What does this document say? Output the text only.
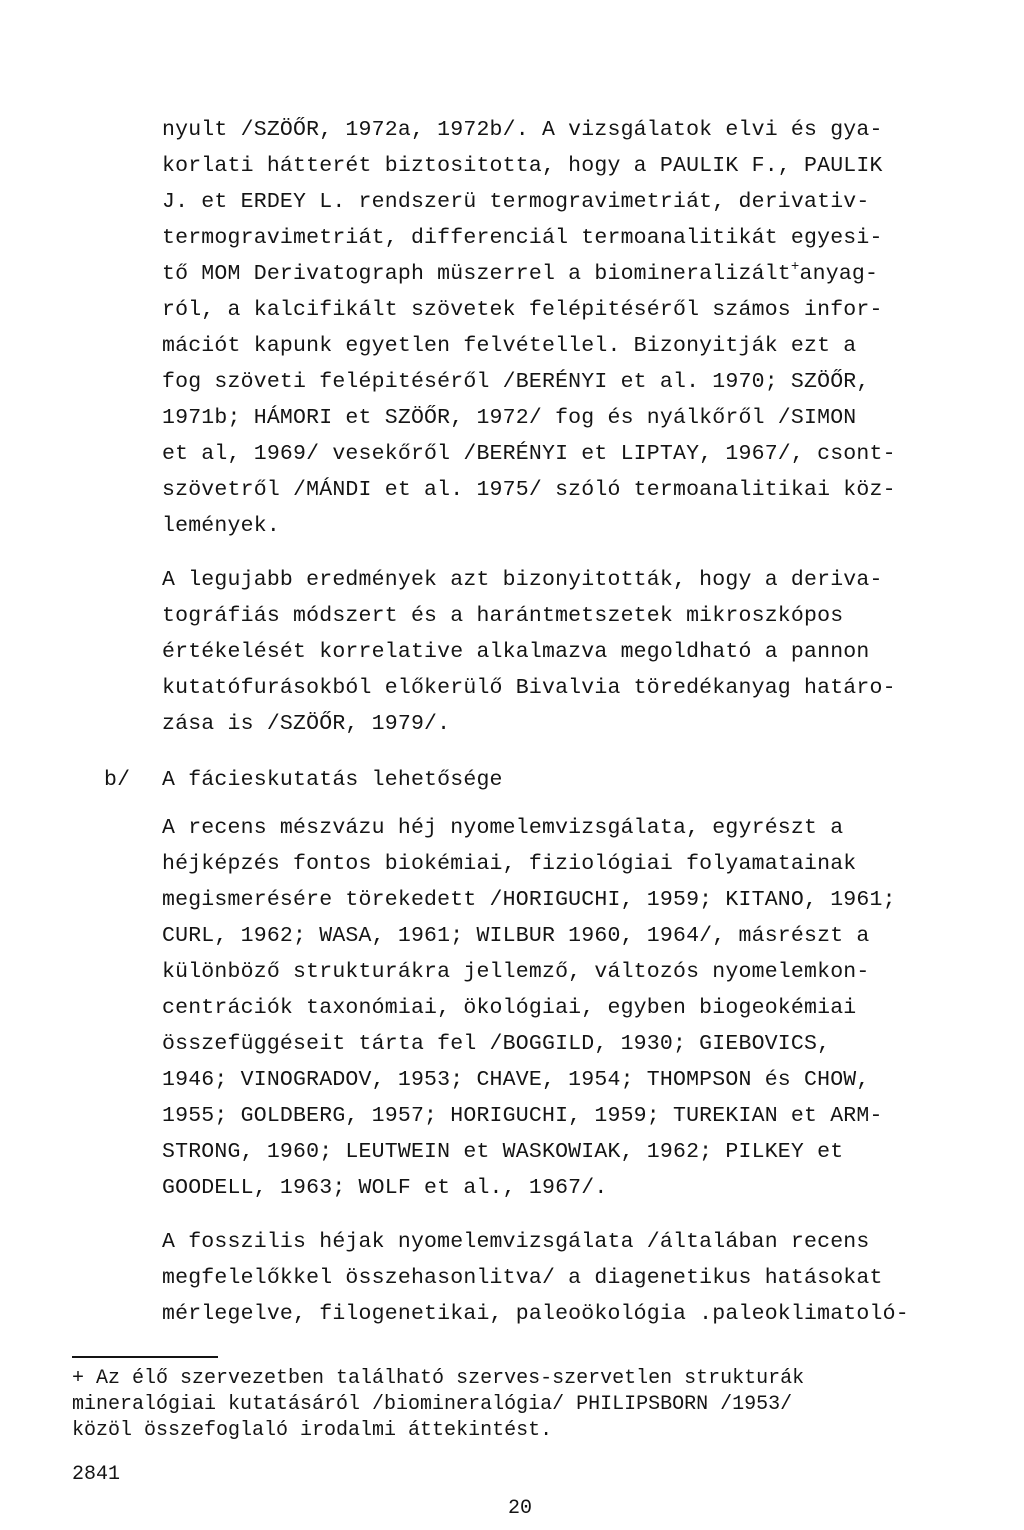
nyult /SZÖŐR, 1972a, 1972b/. A vizsgálatok elvi és gya-
korlati hátterét biztositotta, hogy a PAULIK F., PAULIK
J. et ERDEY L. rendszerü termogravimetriát, derivativ-
termogravimetriát, differenciál termoanalitikát egyesi-
tő MOM Derivatograph müszerrel a biomineralizált+anyag-
ról, a kalcifikált szövetek felépitéséről számos infor-
mációt kapunk egyetlen felvétellel. Bizonyitják ezt a
fog szöveti felépitéséről /BERÉNYI et al. 1970; SZÖŐR,
1971b; HÁMORI et SZÖŐR, 1972/ fog és nyálkőről /SIMON
et al, 1969/ vesekőről /BERÉNYI et LIPTAY, 1967/, csont-
szövetről /MÁNDI et al. 1975/ szóló termoanalitikai köz-
lemények.
A legujabb eredmények azt bizonyitották, hogy a deriva-
tográfiás módszert és a harántmetszetek mikroszkópos
értékelését korrelative alkalmazva megoldható a pannon
kutatófurásokból előkerülő Bivalvia töredékanyag határo-
zása is /SZÖŐR, 1979/.
b/ A fácieskutatás lehetősége
A recens mészvázu héj nyomelemvizsgálata, egyrészt a
héjképzés fontos biokémiai, fiziológiai folyamatainak
megismerésére törekedett /HORIGUCHI, 1959; KITANO, 1961;
CURL, 1962; WASA, 1961; WILBUR 1960, 1964/, másrészt a
különböző strukturákra jellemző, változós nyomelemkon-
centrációk taxonómiai, ökológiai, egyben biogeokémiai
összefüggéseit tárta fel /BOGGILD, 1930; GIEBOVICS,
1946; VINOGRADOV, 1953; CHAVE, 1954; THOMPSON és CHOW,
1955; GOLDBERG, 1957; HORIGUCHI, 1959; TUREKIAN et ARM-
STRONG, 1960; LEUTWEIN et WASKOWIAK, 1962; PILKEY et
GOODELL, 1963; WOLF et al., 1967/.
A fosszilis héjak nyomelemvizsgálata /általában recens
megfelelőkkel összehasonlitva/ a diagenetikus hatásokat
mérlegelve, filogenetikai, paleoökológia .paleoklimatoló-
+ Az élő szervezetben található szerves-szervetlen strukturák
mineralógiai kutatásáról /biomineralógia/ PHILIPSBORN /1953/
közöl összefoglaló irodalmi áttekintést.
2841
20
